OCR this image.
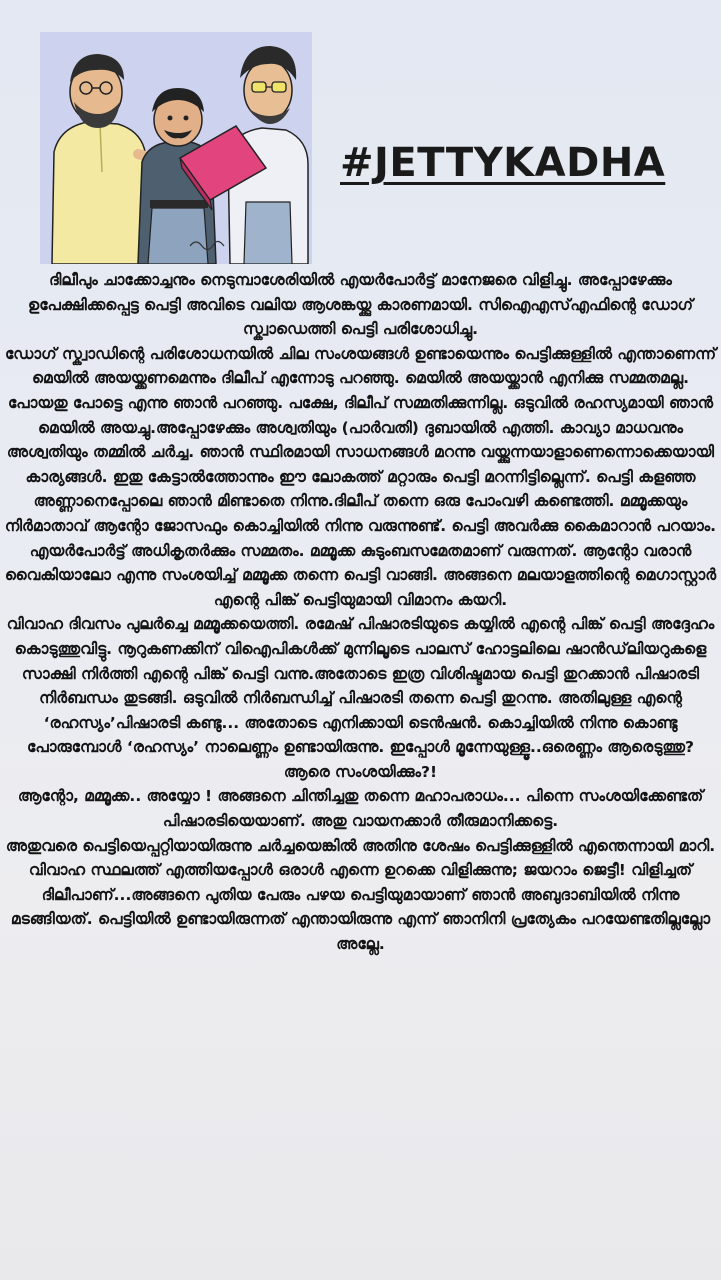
#JETTYKADHA

ദിലീപും ചാക്കോച്ചനും നെടുമ്പാശേരിയിൽ എയർപോർട്ട് മാനേജരെ വിളിച്ചു. അപ്പോഴേക്കും ഉപേക്ഷിക്കപ്പെട്ട പെട്ടി അവിടെ വലിയ ആശങ്കയ്ക്കു കാരണമായി. സിഐഎസ്എഫിന്റെ ഡോഗ് സ്ക്വാഡെത്തി പെട്ടി പരിശോധിച്ചു.

ഡോഗ് സ്ക്വാഡിന്റെ പരിശോധനയിൽ ചില സംശയങ്ങൾ ഉണ്ടായെന്നും പെട്ടിക്കുള്ളിൽ എന്താണെന്ന് മെയിൽ അയയ്ക്കണമെന്നും ദിലീപ് എന്നോടു പറഞ്ഞു. മെയിൽ അയയ്ക്കാൻ എനിക്കു സമ്മതമല്ല. പോയതു പോട്ടെ എന്നു ഞാൻ പറഞ്ഞു. പക്ഷേ, ദിലീപ് സമ്മതിക്കുന്നില്ല. ഒടുവിൽ രഹസ്യമായി ഞാൻ മെയിൽ അയച്ചു.അപ്പോഴേക്കും അശ്വതിയും (പാർവതി) ദുബായിൽ എത്തി. കാവ്യാ മാധവനും അശ്വതിയും തമ്മിൽ ചർച്ച. ഞാൻ സ്ഥിരമായി സാധനങ്ങൾ മറന്നു വയ്ക്കുന്നയാളാണെന്നൊക്കെയായി കാര്യങ്ങൾ. ഇതു കേട്ടാൽത്തോന്നും ഈ ലോകത്ത് മറ്റാരും പെട്ടി മറന്നിട്ടില്ലെന്ന്. പെട്ടി കളഞ്ഞ അണ്ണാനെപ്പോലെ ഞാൻ മിണ്ടാതെ നിന്നു.ദിലീപ് തന്നെ ഒരു പോംവഴി കണ്ടെത്തി. മമ്മൂക്കയും നിർമാതാവ് ആന്റോ ജോസഫും കൊച്ചിയിൽ നിന്നു വരുന്നുണ്ട്. പെട്ടി അവർക്കു കൈമാറാൻ പറയാം. എയർപോർട്ട് അധികൃതർക്കും സമ്മതം. മമ്മൂക്ക കുടുംബസമേതമാണ് വരുന്നത്. ആന്റോ വരാൻ വൈകിയാലോ എന്നു സംശയിച്ച് മമ്മൂക്ക തന്നെ പെട്ടി വാങ്ങി. അങ്ങനെ മലയാളത്തിന്റെ മെഗാസ്റ്റാർ എന്റെ പിങ്ക് പെട്ടിയുമായി വിമാനം കയറി.

വിവാഹ ദിവസം പുലർച്ചെ മമ്മൂക്കയെത്തി. രമേഷ് പിഷാരടിയുടെ കയ്യിൽ എന്റെ പിങ്ക് പെട്ടി അദ്ദേഹം കൊടുത്തുവിട്ടു. നൂറുകണക്കിന് വിഐപികൾക്ക് മുന്നിലൂടെ പാലസ് ഹോട്ടലിലെ ഷാൻഡ്‌ലിയറുകളെ സാക്ഷി നിർത്തി എന്റെ പിങ്ക് പെട്ടി വന്നു.അതോടെ ഇത്ര വിശിഷ്ടമായ പെട്ടി തുറക്കാൻ പിഷാരടി നിർബന്ധം തുടങ്ങി. ഒടുവിൽ നിർബന്ധിച്ച് പിഷാരടി തന്നെ പെട്ടി തുറന്നു. അതിലുള്ള എന്റെ ‘രഹസ്യം’പിഷാരടി കണ്ടു... അതോടെ എനിക്കായി ടെൻഷൻ. കൊച്ചിയിൽ നിന്നു കൊണ്ടു പോരുമ്പോൾ ‘രഹസ്യം’ നാലെണ്ണം ഉണ്ടായിരുന്നു. ഇപ്പോൾ മൂന്നേയുള്ളൂ..ഒരെണ്ണം ആരെടുത്തു? ആരെ സംശയിക്കും?!

ആന്റോ, മമ്മൂക്ക.. അയ്യോ ! അങ്ങനെ ചിന്തിച്ചതു തന്നെ മഹാപരാധം... പിന്നെ സംശയിക്കേണ്ടത് പിഷാരടിയെയാണ്. അതു വായനക്കാർ തീരുമാനിക്കട്ടെ.

അതുവരെ പെട്ടിയെപ്പറ്റിയായിരുന്നു ചർച്ചയെങ്കിൽ അതിനു ശേഷം പെട്ടിക്കുള്ളിൽ എന്തെന്നായി മാറി. വിവാഹ സ്ഥലത്ത് എത്തിയപ്പോൾ ഒരാൾ എന്നെ ഉറക്കെ വിളിക്കുന്നു; ജയറാം ജെട്ടീ! വിളിച്ചത് ദിലീപാണ്...അങ്ങനെ പുതിയ പേരും പഴയ പെട്ടിയുമായാണ് ഞാൻ അബുദാബിയിൽ നിന്നു മടങ്ങിയത്. പെട്ടിയിൽ ഉണ്ടായിരുന്നത് എന്തായിരുന്നു എന്ന് ഞാനിനി പ്രത്യേകം പറയേണ്ടതില്ലല്ലോ അല്ലേ.
